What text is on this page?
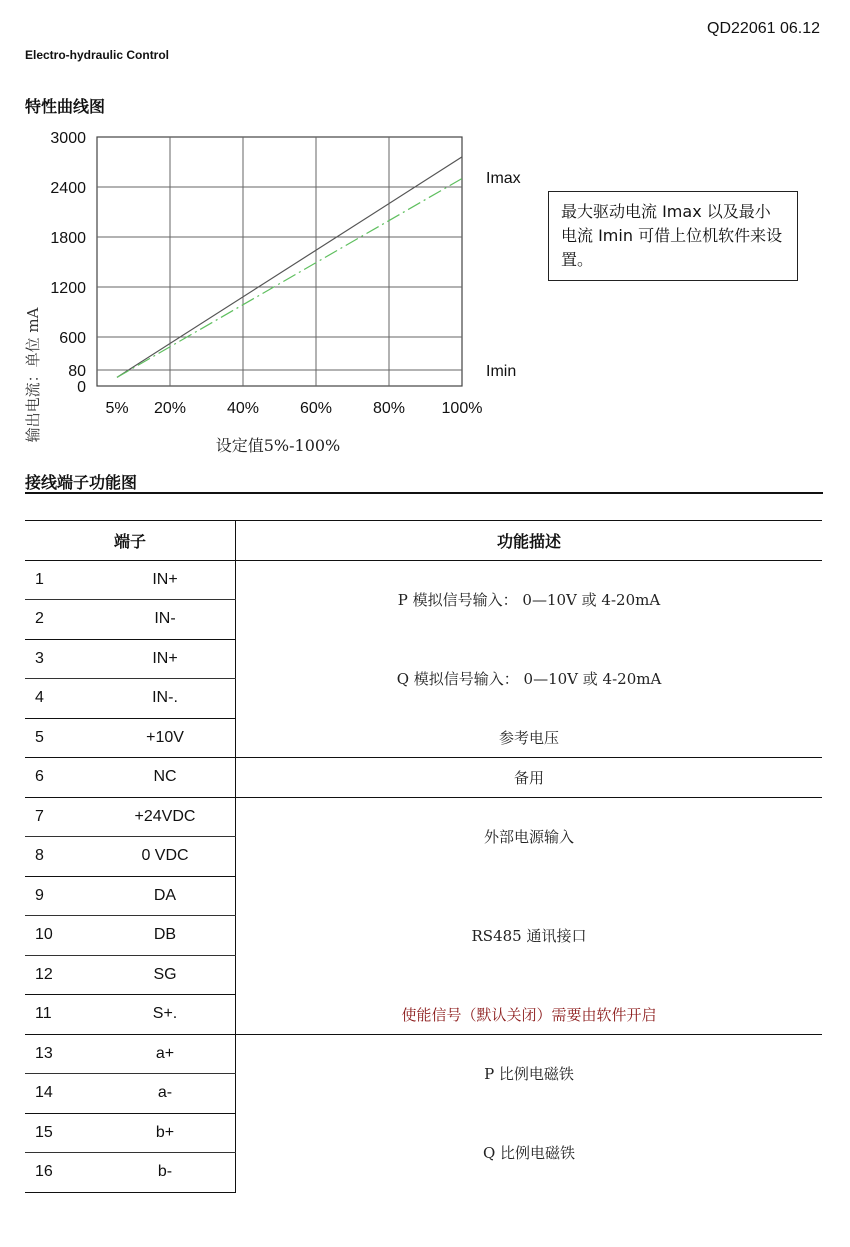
QD22061 06.12
Electro-hydraulic Control
特性曲线图
3000
2400
1800
1200
600
80
0
5% 20%	40%	60%	80% 100%
输出电流：单位 mA
设定值5%-100%
Imax
Imin
最大驱动电流 Imax 以及最小电流 Imin 可借上位机软件来设置。
接线端子功能图
端子		功能描述
1	IN+	P 模拟信号输入： 0—10V 或 4-20mA
2	IN-	
3	IN+	Q 模拟信号输入： 0—10V 或 4-20mA
4	IN-.	
5	+10V	参考电压
6	NC	备用
7	+24VDC	外部电源输入
8	0 VDC	
9	DA	RS485 通讯接口
10	DB	
12	SG	
11	S+.	使能信号（默认关闭）需要由软件开启
13	a+	P 比例电磁铁
14	a-	
15	b+	Q 比例电磁铁
16	b-	
